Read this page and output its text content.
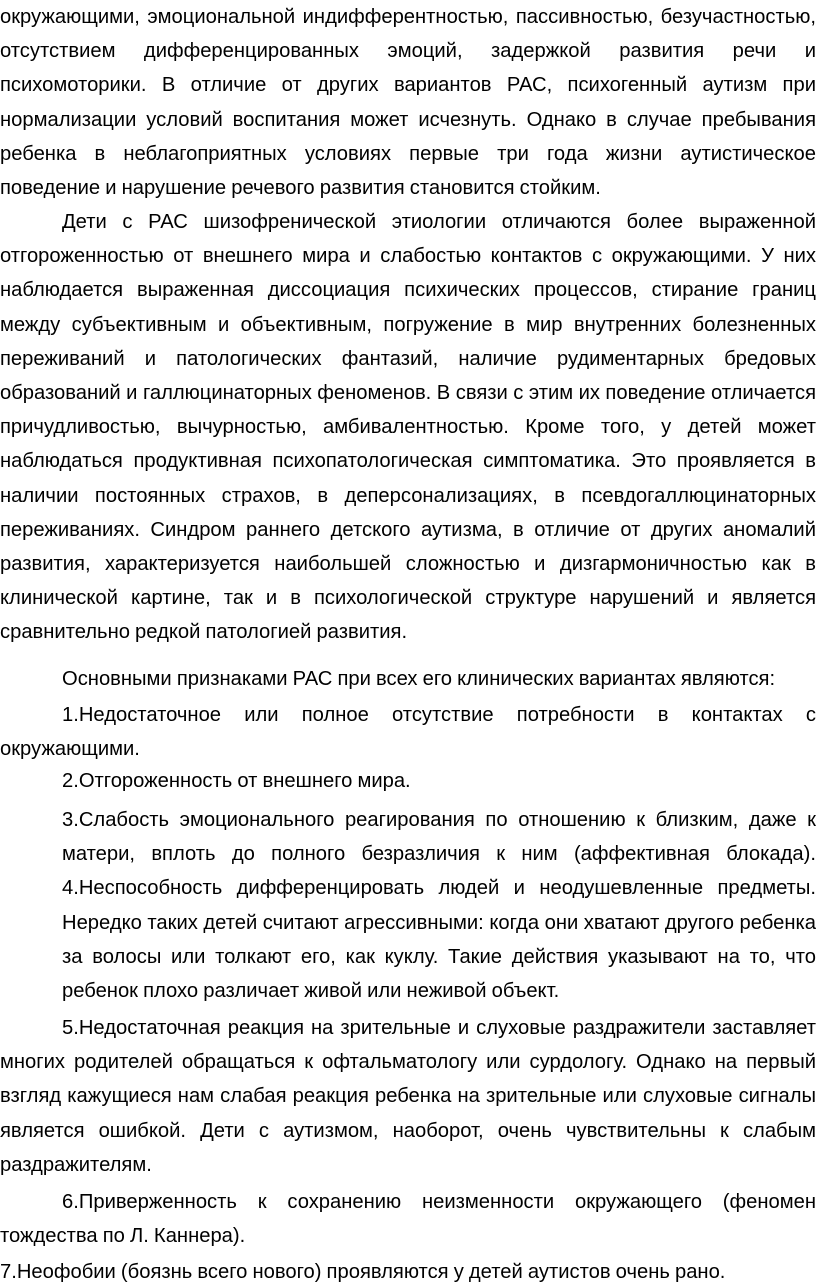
окружающими, эмоциональной индифферентностью, пассивностью, безучастностью, отсутствием дифференцированных эмоций, задержкой развития речи и психомоторики. В отличие от других вариантов РАС, психогенный аутизм при нормализации условий воспитания может исчезнуть. Однако в случае пребывания ребенка в неблагоприятных условиях первые три года жизни аутистическое поведение и нарушение речевого развития становится стойким.

Дети с РАС шизофренической этиологии отличаются более выраженной отгороженностью от внешнего мира и слабостью контактов с окружающими. У них наблюдается выраженная диссоциация психических процессов, стирание границ между субъективным и объективным, погружение в мир внутренних болезненных переживаний и патологических фантазий, наличие рудиментарных бредовых образований и галлюцинаторных феноменов. В связи с этим их поведение отличается причудливостью, вычурностью, амбивалентностью. Кроме того, у детей может наблюдаться продуктивная психопатологическая симптоматика. Это проявляется в наличии постоянных страхов, в деперсонализациях, в псевдогаллюцинаторных переживаниях. Синдром раннего детского аутизма, в отличие от других аномалий развития, характеризуется наибольшей сложностью и дизгармоничностью как в клинической картине, так и в психологической структуре нарушений и является сравнительно редкой патологией развития.

Основными признаками РАС при всех его клинических вариантах являются:

1.Недостаточное или полное отсутствие потребности в контактах с окружающими.

2.Отгороженность от внешнего мира.

3.Слабость эмоционального реагирования по отношению к близким, даже к матери, вплоть до полного безразличия к ним (аффективная блокада). 4.Неспособность дифференцировать людей и неодушевленные предметы. Нередко таких детей считают агрессивными: когда они хватают другого ребенка за волосы или толкают его, как куклу. Такие действия указывают на то, что ребенок плохо различает живой или неживой объект.

5.Недостаточная реакция на зрительные и слуховые раздражители заставляет многих родителей обращаться к офтальматологу или сурдологу. Однако на первый взгляд кажущиеся нам слабая реакция ребенка на зрительные или слуховые сигналы является ошибкой. Дети с аутизмом, наоборот, очень чувствительны к слабым раздражителям.

6.Приверженность к сохранению неизменности окружающего (феномен тождества по Л. Каннера).

7.Неофобии (боязнь всего нового) проявляются у детей аутистов очень рано.
